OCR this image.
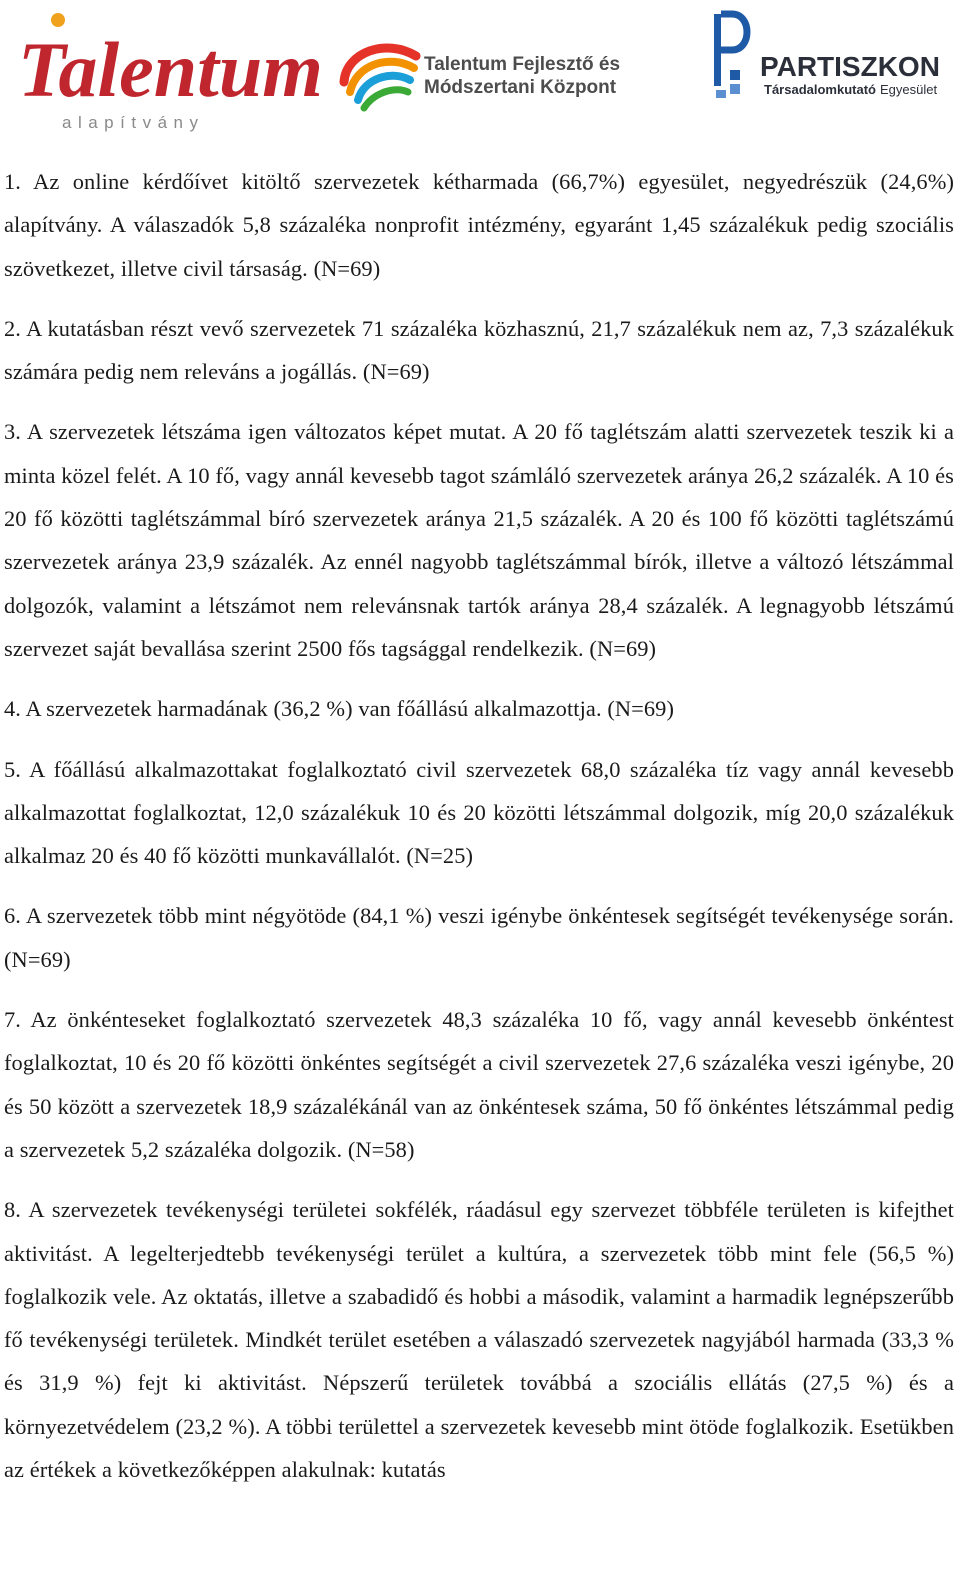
Talentum
alapítvány
Talentum Fejlesztő és
Módszertani Központ
PARTISZKON
Társadalomkutató Egyesület

1. Az online kérdőívet kitöltő szervezetek kétharmada (66,7%) egyesület, negyedrészük (24,6%) alapítvány. A válaszadók 5,8 százaléka nonprofit intézmény, egyaránt 1,45 százalékuk pedig szociális szövetkezet, illetve civil társaság. (N=69)

2. A kutatásban részt vevő szervezetek 71 százaléka közhasznú, 21,7 százalékuk nem az, 7,3 százalékuk számára pedig nem releváns a jogállás. (N=69)

3. A szervezetek létszáma igen változatos képet mutat. A 20 fő taglétszám alatti szervezetek teszik ki a minta közel felét. A 10 fő, vagy annál kevesebb tagot számláló szervezetek aránya 26,2 százalék. A 10 és 20 fő közötti taglétszámmal bíró szervezetek aránya 21,5 százalék. A 20 és 100 fő közötti taglétszámú szervezetek aránya 23,9 százalék. Az ennél nagyobb taglétszámmal bírók, illetve a változó létszámmal dolgozók, valamint a létszámot nem relevánsnak tartók aránya 28,4 százalék. A legnagyobb létszámú szervezet saját bevallása szerint 2500 fős tagsággal rendelkezik. (N=69)

4. A szervezetek harmadának (36,2 %) van főállású alkalmazottja. (N=69)

5. A főállású alkalmazottakat foglalkoztató civil szervezetek 68,0 százaléka tíz vagy annál kevesebb alkalmazottat foglalkoztat, 12,0 százalékuk 10 és 20 közötti létszámmal dolgozik, míg 20,0 százalékuk alkalmaz 20 és 40 fő közötti munkavállalót. (N=25)

6. A szervezetek több mint négyötöde (84,1 %) veszi igénybe önkéntesek segítségét tevékenysége során. (N=69)

7. Az önkénteseket foglalkoztató szervezetek 48,3 százaléka 10 fő, vagy annál kevesebb önkéntest foglalkoztat, 10 és 20 fő közötti önkéntes segítségét a civil szervezetek 27,6 százaléka veszi igénybe, 20 és 50 között a szervezetek 18,9 százalékánál van az önkéntesek száma, 50 fő önkéntes létszámmal pedig a szervezetek 5,2 százaléka dolgozik. (N=58)

8. A szervezetek tevékenységi területei sokfélék, ráadásul egy szervezet többféle területen is kifejthet aktivitást. A legelterjedtebb tevékenységi terület a kultúra, a szervezetek több mint fele (56,5 %) foglalkozik vele. Az oktatás, illetve a szabadidő és hobbi a második, valamint a harmadik legnépszerűbb fő tevékenységi területek. Mindkét terület esetében a válaszadó szervezetek nagyjából harmada (33,3 % és 31,9 %) fejt ki aktivitást. Népszerű területek továbbá a szociális ellátás (27,5 %) és a környezetvédelem (23,2 %). A többi területtel a szervezetek kevesebb mint ötöde foglalkozik. Esetükben az értékek a következőképpen alakulnak: kutatás
